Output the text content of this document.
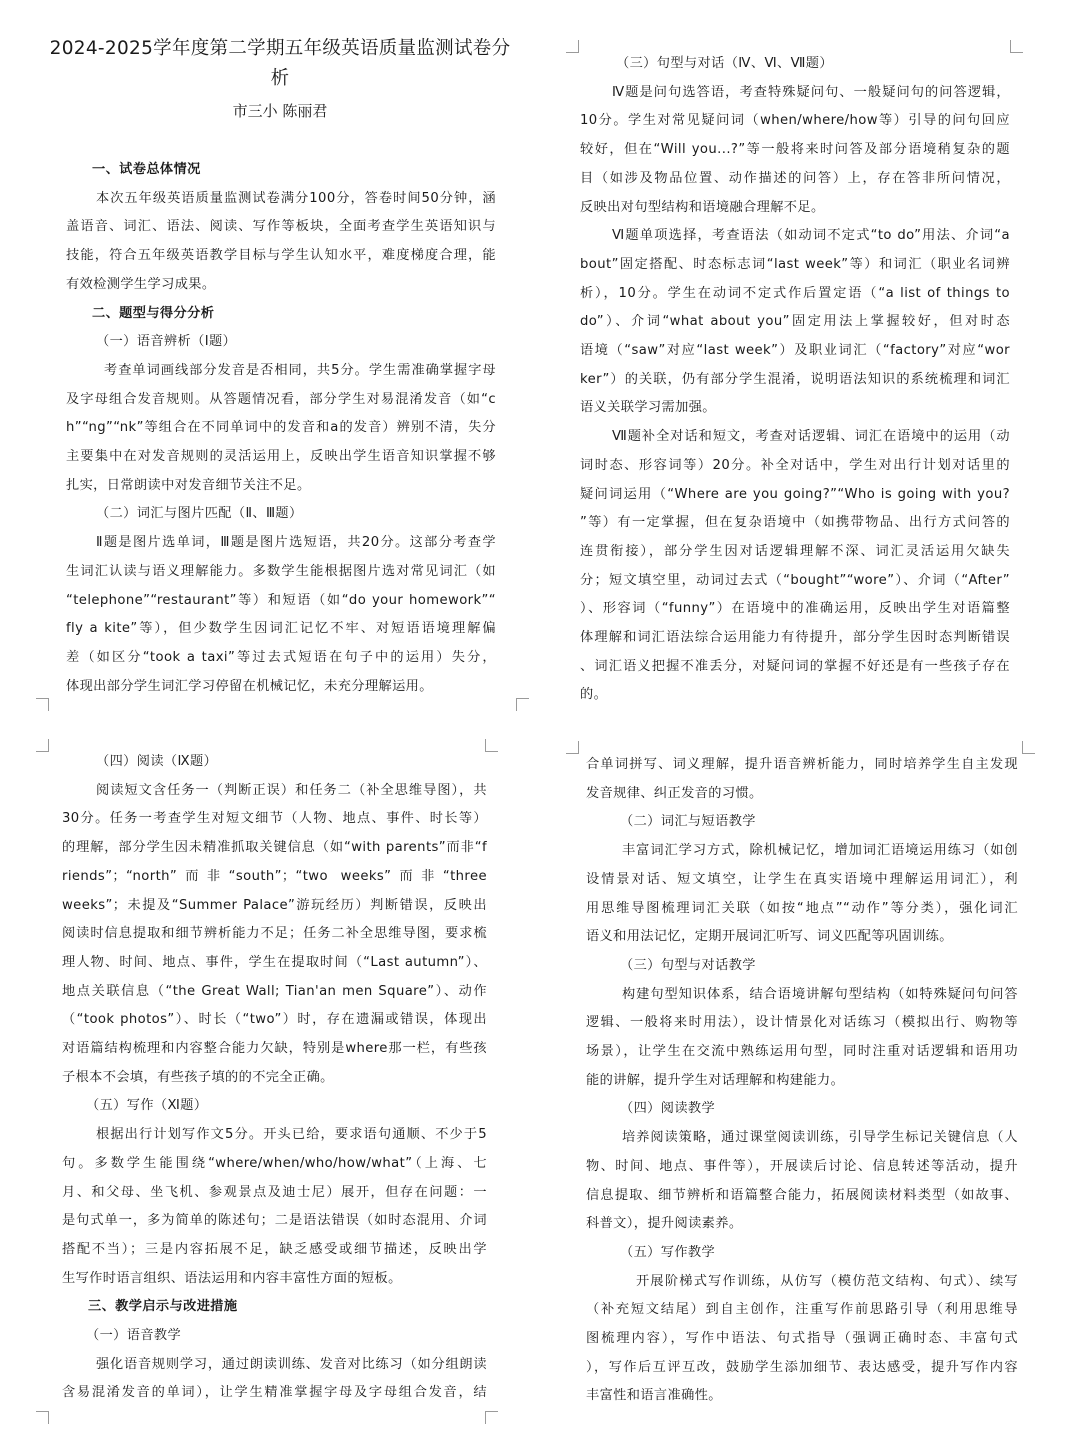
2024-2025学年度第二学期五年级英语质量监测试卷分
析
市三小 陈丽君
一、试卷总体情况
本次五年级英语质量监测试卷满分100分，答卷时间50分钟，涵
盖语音、词汇、语法、阅读、写作等板块，全面考查学生英语知识与
技能，符合五年级英语教学目标与学生认知水平，难度梯度合理，能
有效检测学生学习成果。
二、题型与得分分析
（一）语音辨析（Ⅰ题）
考查单词画线部分发音是否相同，共5分。学生需准确掌握字母
及字母组合发音规则。从答题情况看，部分学生对易混淆发音（如“c
h”“ng”“nk”等组合在不同单词中的发音和a的发音）辨别不清，失分
主要集中在对发音规则的灵活运用上，反映出学生语音知识掌握不够
扎实，日常朗读中对发音细节关注不足。
（二）词汇与图片匹配（Ⅱ、Ⅲ题）
Ⅱ题是图片选单词，Ⅲ题是图片选短语，共20分。这部分考查学
生词汇认读与语义理解能力。多数学生能根据图片选对常见词汇（如
“telephone”“restaurant”等）和短语（如“do your homework”“
fly a kite”等），但少数学生因词汇记忆不牢、对短语语境理解偏
差（如区分“took a taxi”等过去式短语在句子中的运用）失分，
体现出部分学生词汇学习停留在机械记忆，未充分理解运用。
（三）句型与对话（Ⅳ、Ⅵ、Ⅶ题）
Ⅳ题是问句选答语，考查特殊疑问句、一般疑问句的问答逻辑，
10分。学生对常见疑问词（when/where/how等）引导的问句回应
较好，但在“Will you...?”等一般将来时问答及部分语境稍复杂的题
目（如涉及物品位置、动作描述的问答）上，存在答非所问情况，
反映出对句型结构和语境融合理解不足。
Ⅵ题单项选择，考查语法（如动词不定式“to do”用法、介词“a
bout”固定搭配、时态标志词“last week”等）和词汇（职业名词辨
析），10分。学生在动词不定式作后置定语（“a list of things to
do”）、介词“what about you”固定用法上掌握较好，但对时态
语境（“saw”对应“last week”）及职业词汇（“factory”对应“wor
ker”）的关联，仍有部分学生混淆，说明语法知识的系统梳理和词汇
语义关联学习需加强。
Ⅶ题补全对话和短文，考查对话逻辑、词汇在语境中的运用（动
词时态、形容词等）20分。补全对话中，学生对出行计划对话里的
疑问词运用（“Where are you going?”“Who is going with you?
”等）有一定掌握，但在复杂语境中（如携带物品、出行方式问答的
连贯衔接），部分学生因对话逻辑理解不深、词汇灵活运用欠缺失
分；短文填空里，动词过去式（“bought”“wore”）、介词（“After”
）、形容词（“funny”）在语境中的准确运用，反映出学生对语篇整
体理解和词汇语法综合运用能力有待提升，部分学生因时态判断错误
、词汇语义把握不准丢分，对疑问词的掌握不好还是有一些孩子存在
的。
（四）阅读（Ⅸ题）
阅读短文含任务一（判断正误）和任务二（补全思维导图），共
30分。任务一考查学生对短文细节（人物、地点、事件、时长等）
的理解，部分学生因未精准抓取关键信息（如“with parents”而非“f
riends”；“north”而非“south”；“two weeks”而非“three
weeks”；未提及“Summer Palace”游玩经历）判断错误，反映出
阅读时信息提取和细节辨析能力不足；任务二补全思维导图，要求梳
理人物、时间、地点、事件，学生在提取时间（“Last autumn”）、
地点关联信息（“the Great Wall; Tian'an men Square”）、动作
（“took photos”）、时长（“two”）时，存在遗漏或错误，体现出
对语篇结构梳理和内容整合能力欠缺，特别是where那一栏，有些孩
子根本不会填，有些孩子填的的不完全正确。
（五）写作（Ⅺ题）
根据出行计划写作文5分。开头已给，要求语句通顺、不少于5
句。多数学生能围绕“where/when/who/how/what”（上海、七
月、和父母、坐飞机、参观景点及迪士尼）展开，但存在问题：一
是句式单一，多为简单的陈述句；二是语法错误（如时态混用、介词
搭配不当）；三是内容拓展不足，缺乏感受或细节描述，反映出学
生写作时语言组织、语法运用和内容丰富性方面的短板。
三、教学启示与改进措施
（一）语音教学
强化语音规则学习，通过朗读训练、发音对比练习（如分组朗读
含易混淆发音的单词），让学生精准掌握字母及字母组合发音，结
合单词拼写、词义理解，提升语音辨析能力，同时培养学生自主发现
发音规律、纠正发音的习惯。
（二）词汇与短语教学
丰富词汇学习方式，除机械记忆，增加词汇语境运用练习（如创
设情景对话、短文填空，让学生在真实语境中理解运用词汇），利
用思维导图梳理词汇关联（如按“地点”“动作”等分类），强化词汇
语义和用法记忆，定期开展词汇听写、词义匹配等巩固训练。
（三）句型与对话教学
构建句型知识体系，结合语境讲解句型结构（如特殊疑问句问答
逻辑、一般将来时用法），设计情景化对话练习（模拟出行、购物等
场景），让学生在交流中熟练运用句型，同时注重对话逻辑和语用功
能的讲解，提升学生对话理解和构建能力。
（四）阅读教学
培养阅读策略，通过课堂阅读训练，引导学生标记关键信息（人
物、时间、地点、事件等），开展读后讨论、信息转述等活动，提升
信息提取、细节辨析和语篇整合能力，拓展阅读材料类型（如故事、
科普文），提升阅读素养。
（五）写作教学
开展阶梯式写作训练，从仿写（模仿范文结构、句式）、续写
（补充短文结尾）到自主创作，注重写作前思路引导（利用思维导
图梳理内容），写作中语法、句式指导（强调正确时态、丰富句式
），写作后互评互改，鼓励学生添加细节、表达感受，提升写作内容
丰富性和语言准确性。
